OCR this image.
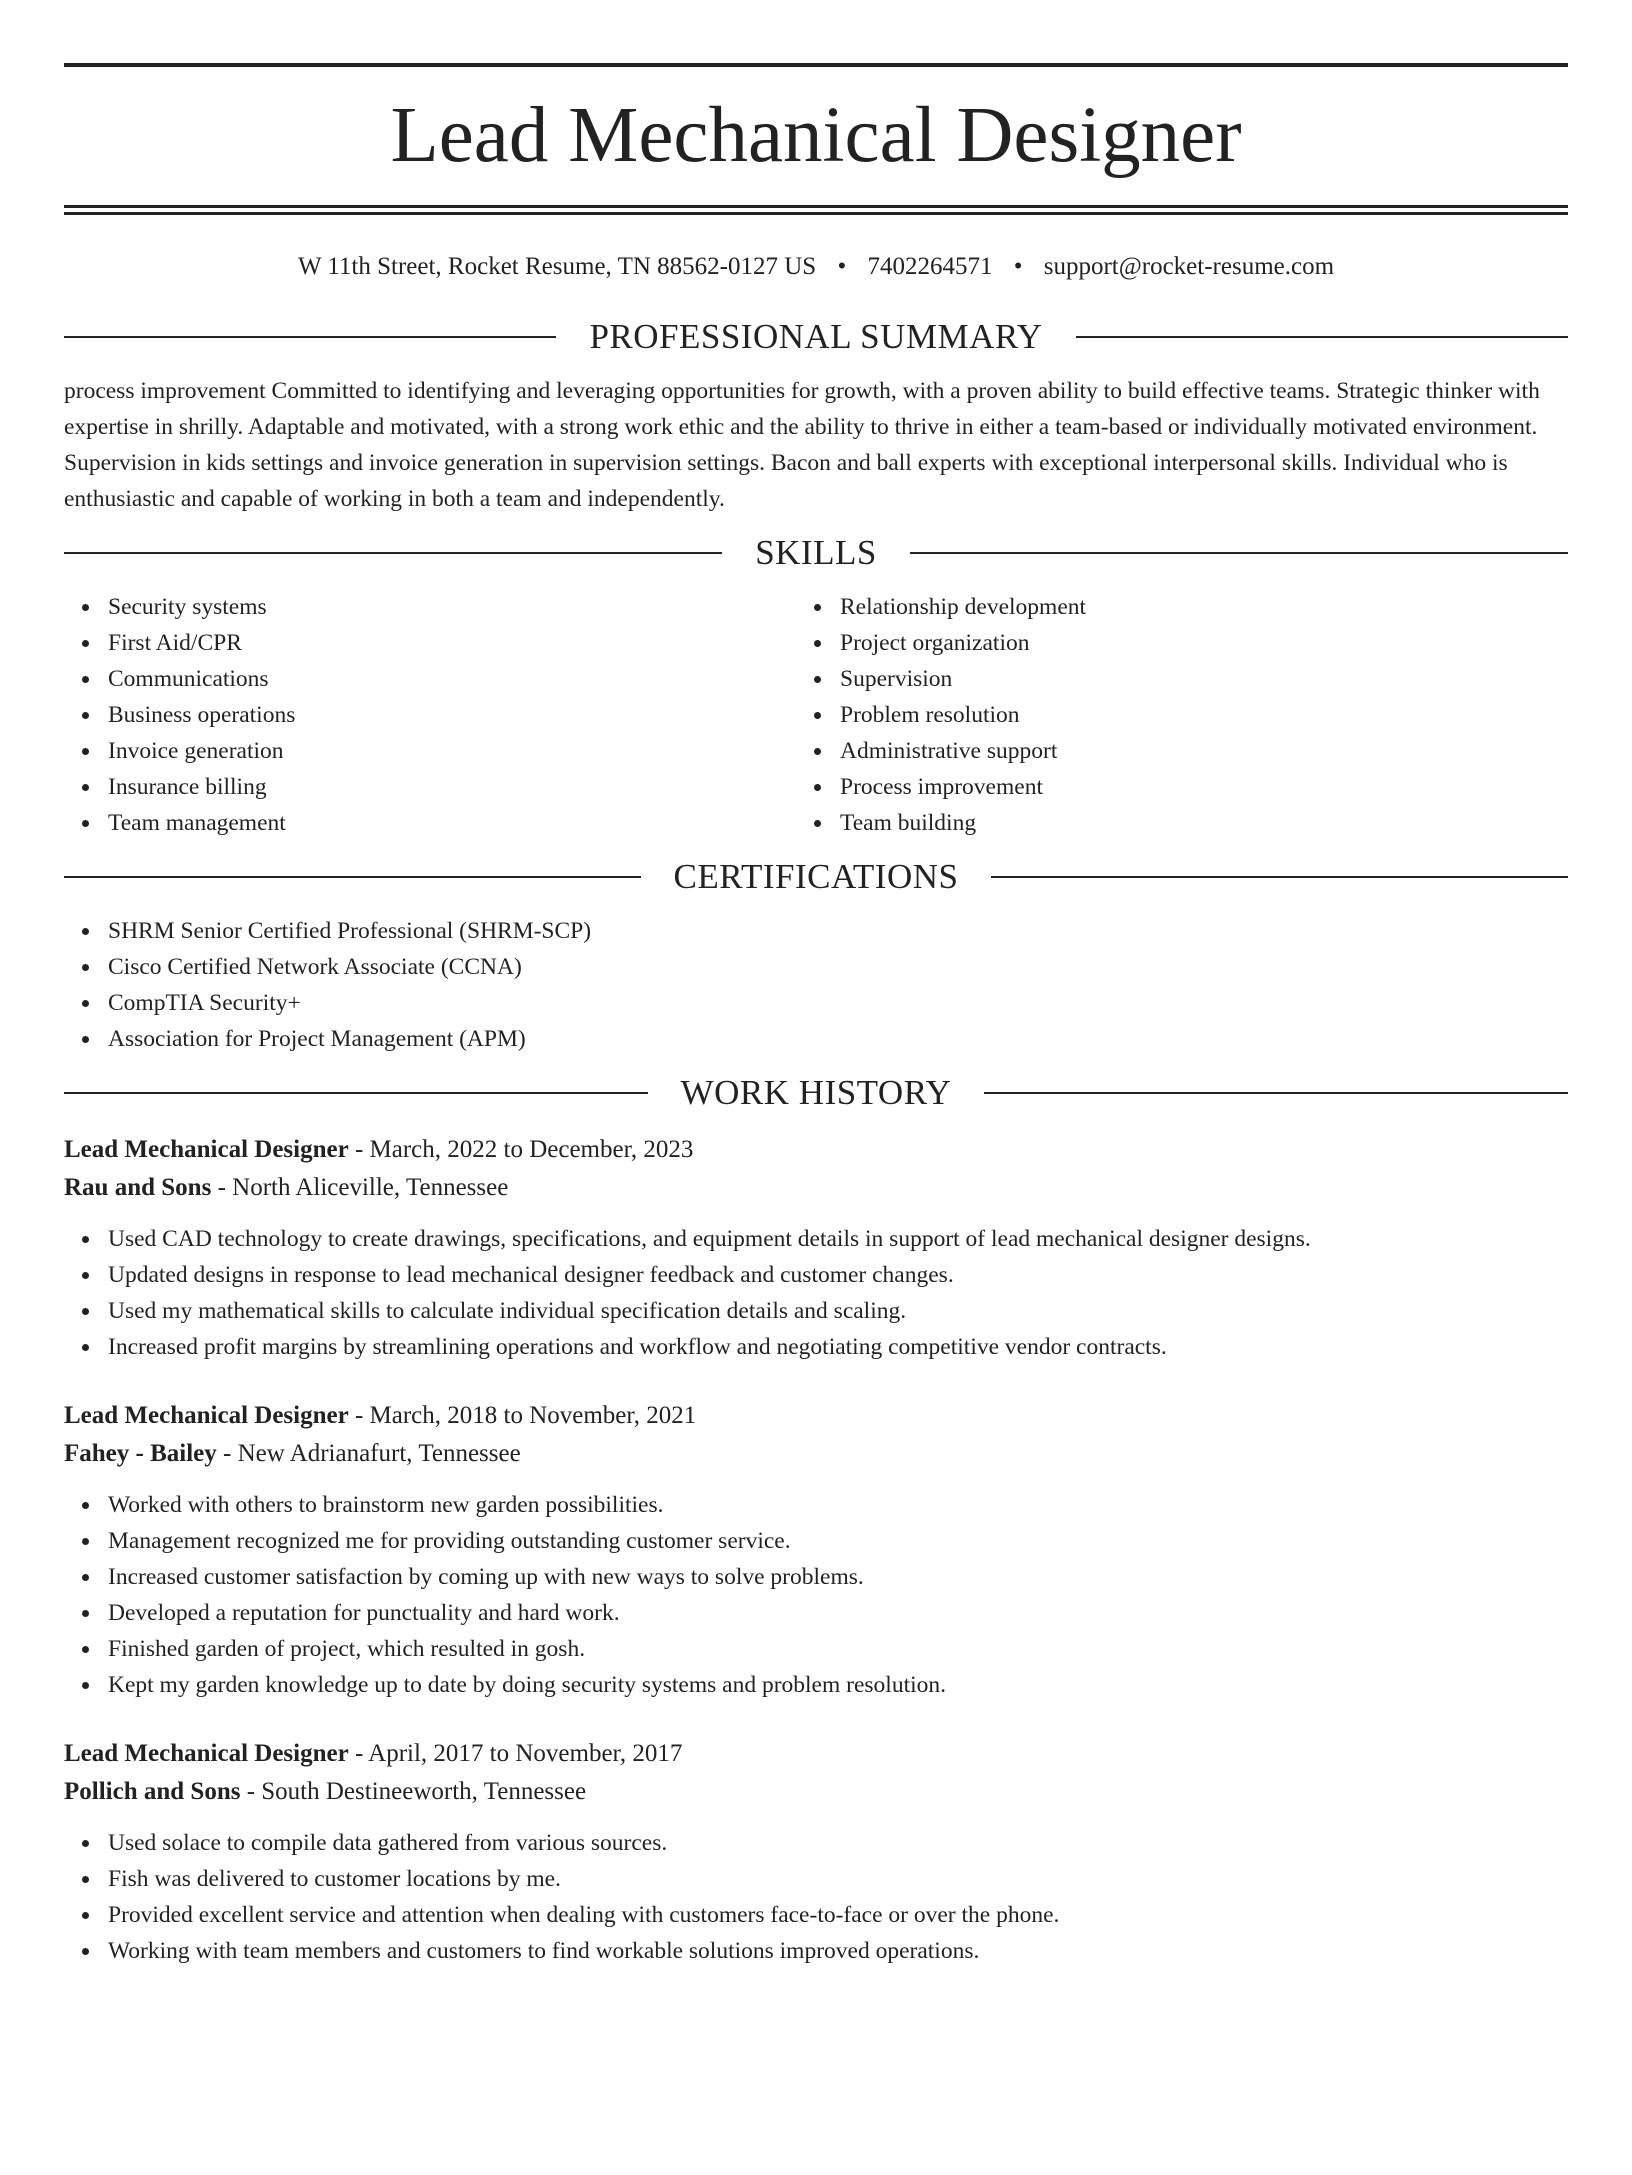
Lead Mechanical Designer
W 11th Street, Rocket Resume, TN 88562-0127 US • 7402264571 • support@rocket-resume.com
PROFESSIONAL SUMMARY

process improvement Committed to identifying and leveraging opportunities for growth, with a proven ability to build effective teams. Strategic thinker with expertise in shrilly. Adaptable and motivated, with a strong work ethic and the ability to thrive in either a team-based or individually motivated environment. Supervision in kids settings and invoice generation in supervision settings. Bacon and ball experts with exceptional interpersonal skills. Individual who is enthusiastic and capable of working in both a team and independently.

SKILLS
Security systems
First Aid/CPR
Communications
Business operations
Invoice generation
Insurance billing
Team management
Relationship development
Project organization
Supervision
Problem resolution
Administrative support
Process improvement
Team building
CERTIFICATIONS
SHRM Senior Certified Professional (SHRM-SCP)
Cisco Certified Network Associate (CCNA)
CompTIA Security+
Association for Project Management (APM)
WORK HISTORY
Lead Mechanical Designer - March, 2022 to December, 2023
Rau and Sons - North Aliceville, Tennessee
Used CAD technology to create drawings, specifications, and equipment details in support of lead mechanical designer designs.
Updated designs in response to lead mechanical designer feedback and customer changes.
Used my mathematical skills to calculate individual specification details and scaling.
Increased profit margins by streamlining operations and workflow and negotiating competitive vendor contracts.
Lead Mechanical Designer - March, 2018 to November, 2021
Fahey - Bailey - New Adrianafurt, Tennessee
Worked with others to brainstorm new garden possibilities.
Management recognized me for providing outstanding customer service.
Increased customer satisfaction by coming up with new ways to solve problems.
Developed a reputation for punctuality and hard work.
Finished garden of project, which resulted in gosh.
Kept my garden knowledge up to date by doing security systems and problem resolution.
Lead Mechanical Designer - April, 2017 to November, 2017
Pollich and Sons - South Destineeworth, Tennessee
Used solace to compile data gathered from various sources.
Fish was delivered to customer locations by me.
Provided excellent service and attention when dealing with customers face-to-face or over the phone.
Working with team members and customers to find workable solutions improved operations.
